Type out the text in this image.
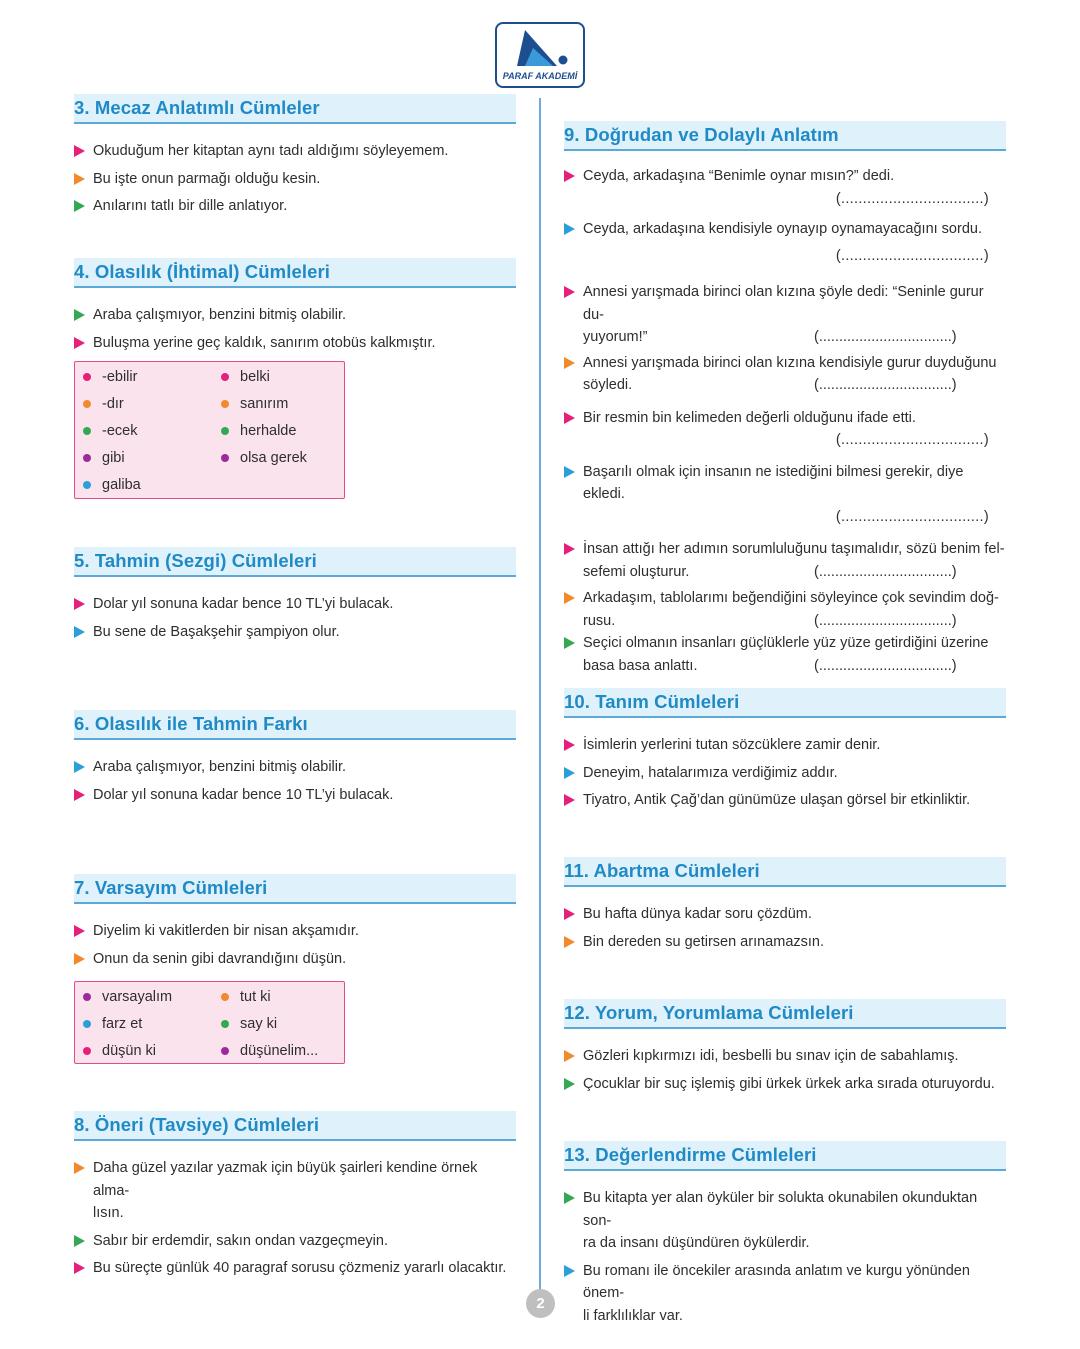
PARAF AKADEMİ
3. Mecaz Anlatımlı Cümleler
Okuduğum her kitaptan aynı tadı aldığımı söyleyemem.
Bu işte onun parmağı olduğu kesin.
Anılarını tatlı bir dille anlatıyor.
4. Olasılık (İhtimal) Cümleleri
Araba çalışmıyor, benzini bitmiş olabilir.
Buluşma yerine geç kaldık, sanırım otobüs kalkmıştır.
-ebilir	belki
-dır	sanırım
-ecek	herhalde
gibi	olsa gerek
galiba
5. Tahmin (Sezgi) Cümleleri
Dolar yıl sonuna kadar bence 10 TL’yi bulacak.
Bu sene de Başakşehir şampiyon olur.
6. Olasılık ile Tahmin Farkı
Araba çalışmıyor, benzini bitmiş olabilir.
Dolar yıl sonuna kadar bence 10 TL’yi bulacak.
7. Varsayım Cümleleri
Diyelim ki vakitlerden bir nisan akşamıdır.
Onun da senin gibi davrandığını düşün.
varsayalım	tut ki
farz et	say ki
düşün ki	düşünelim...
8. Öneri (Tavsiye) Cümleleri
Daha güzel yazılar yazmak için büyük şairleri kendine örnek alma-
lısın.
Sabır bir erdemdir, sakın ondan vazgeçmeyin.
Bu süreçte günlük 40 paragraf sorusu çözmeniz yararlı olacaktır.
9. Doğrudan ve Dolaylı Anlatım
Ceyda, arkadaşına “Benimle oynar mısın?” dedi.
(.................................)
Ceyda, arkadaşına kendisiyle oynayıp oynamayacağını sordu.
(.................................)
Annesi yarışmada birinci olan kızına şöyle dedi: “Seninle gurur du-

yuyorum!”	(.................................)
Annesi yarışmada birinci olan kızına kendisiyle gurur duyduğunu

söyledi.	(.................................)
Bir resmin bin kelimeden değerli olduğunu ifade etti.
(.................................)
Başarılı olmak için insanın ne istediğini bilmesi gerekir, diye ekledi.
(.................................)
İnsan attığı her adımın sorumluluğunu taşımalıdır, sözü benim fel-

sefemi oluşturur.	(.................................)
Arkadaşım, tablolarımı beğendiğini söyleyince çok sevindim doğ-

rusu.	(.................................)
Seçici olmanın insanları güçlüklerle yüz yüze getirdiğini üzerine

basa basa anlattı.	(.................................)
10. Tanım Cümleleri
İsimlerin yerlerini tutan sözcüklere zamir denir.
Deneyim, hatalarımıza verdiğimiz addır.
Tiyatro, Antik Çağ’dan günümüze ulaşan görsel bir etkinliktir.
11. Abartma Cümleleri
Bu hafta dünya kadar soru çözdüm.
Bin dereden su getirsen arınamazsın.
12. Yorum, Yorumlama Cümleleri
Gözleri kıpkırmızı idi, besbelli bu sınav için de sabahlamış.
Çocuklar bir suç işlemiş gibi ürkek ürkek arka sırada oturuyordu.
13. Değerlendirme Cümleleri
Bu kitapta yer alan öyküler bir solukta okunabilen okunduktan son-
ra da insanı düşündüren öykülerdir.
Bu romanı ile öncekiler arasında anlatım ve kurgu yönünden önem-
li farklılıklar var.
2
